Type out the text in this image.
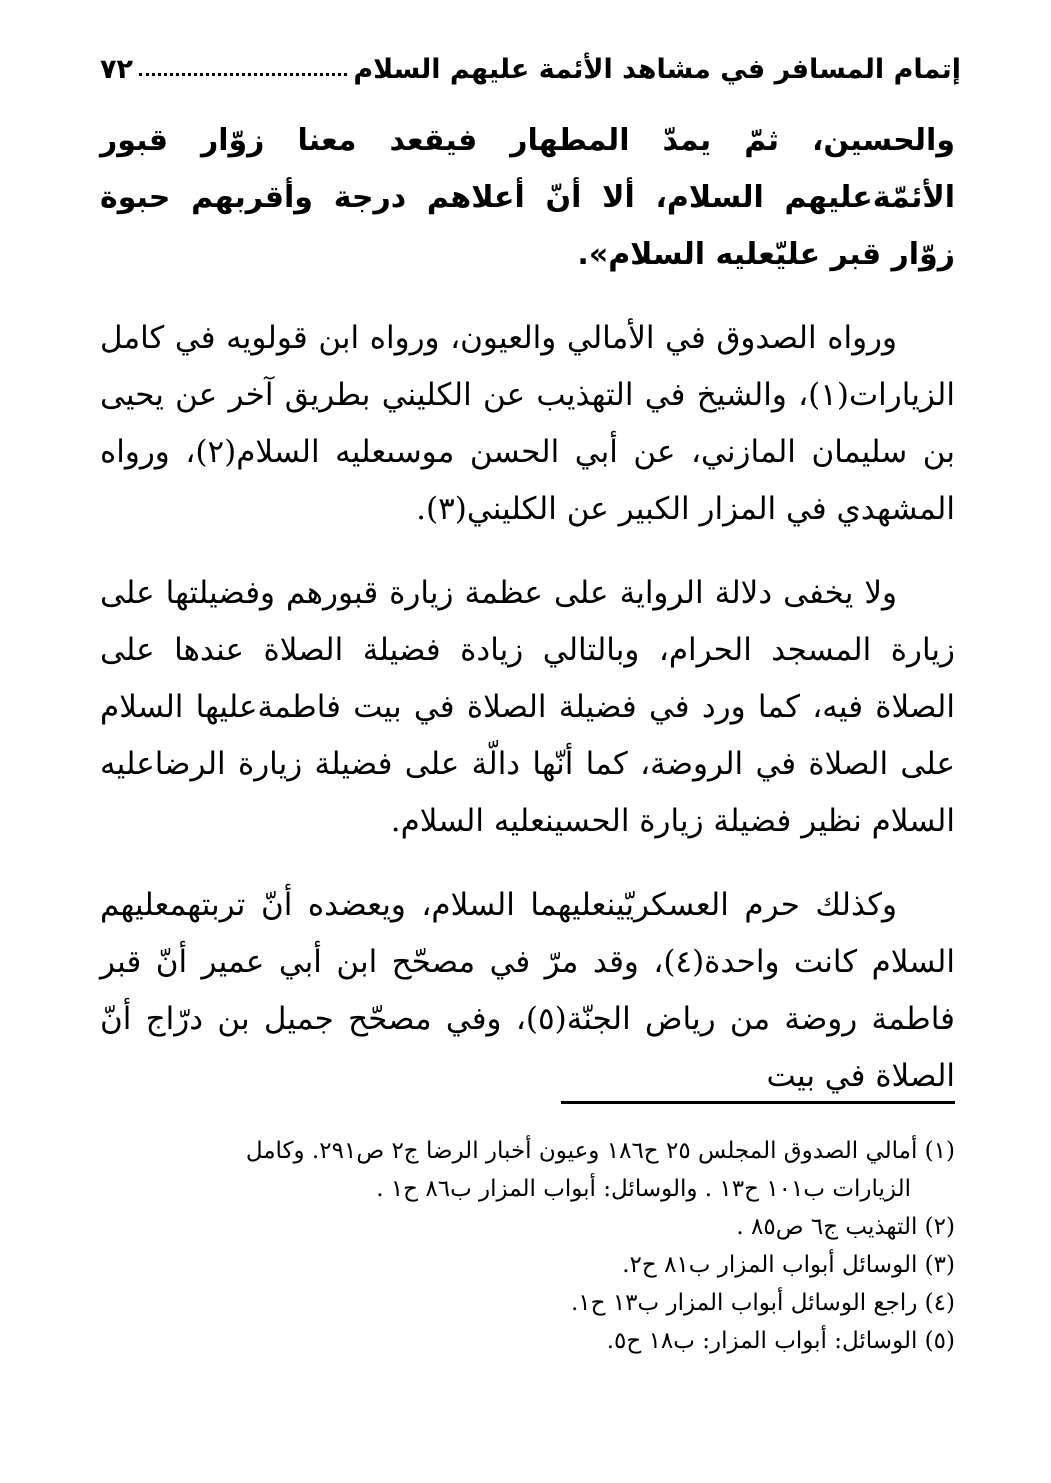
إتمام المسافر في مشاهد الأئمة عليهم السلام
٧٢

والحسين، ثمّ يمدّ المطهار فيقعد معنا زوّار قبور الأئمّةعليهم السلام، ألا أنّ أعلاهم درجة وأقربهم حبوة زوّار قبر عليّعليه السلام».

ورواه الصدوق في الأمالي والعيون، ورواه ابن قولويه في كامل الزيارات(١)، والشيخ في التهذيب عن الكليني بطريق آخر عن يحيى بن سليمان المازني، عن أبي الحسن موسىعليه السلام(٢)، ورواه المشهدي في المزار الكبير عن الكليني(٣).

ولا يخفى دلالة الرواية على عظمة زيارة قبورهم وفضيلتها على زيارة المسجد الحرام، وبالتالي زيادة فضيلة الصلاة عندها على الصلاة فيه، كما ورد في فضيلة الصلاة في بيت فاطمةعليها السلام على الصلاة في الروضة، كما أنّها دالّة على فضيلة زيارة الرضاعليه السلام نظير فضيلة زيارة الحسينعليه السلام.

وكذلك حرم العسكريّينعليهما السلام، ويعضده أنّ تربتهمعليهم السلام كانت واحدة(٤)، وقد مرّ في مصحّح ابن أبي عمير أنّ قبر فاطمة روضة من رياض الجنّة(٥)، وفي مصحّح جميل بن درّاج أنّ الصلاة في بيت

(١) أمالي الصدوق المجلس ٢٥ ح١٨٦ وعيون أخبار الرضا ج٢ ص٢٩١. وكامل

الزيارات ب١٠١ ح١٣ . والوسائل: أبواب المزار ب٨٦ ح١ .

(٢) التهذيب ج٦ ص٨٥ .

(٣) الوسائل أبواب المزار ب٨١ ح٢.

(٤) راجع الوسائل أبواب المزار ب١٣ ح١.

(٥) الوسائل: أبواب المزار: ب١٨ ح٥.
